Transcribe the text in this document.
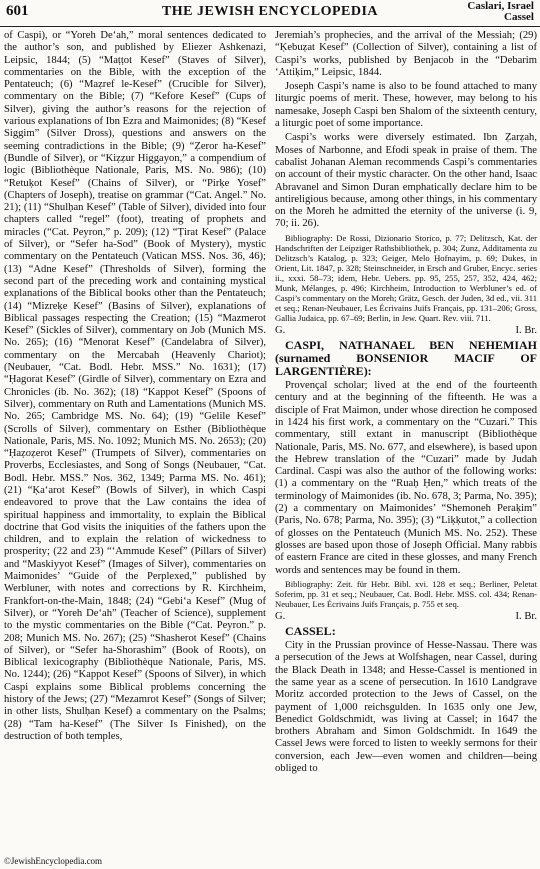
601	THE JEWISH ENCYCLOPEDIA	Caslari, Israel
Cassel

of Caspi), or “Yoreh De‘ah,” moral sentences dedicated to the author’s son, and published by Eliezer Ashkenazi, Leipsic, 1844; (5) “Maṭṭot Kesef” (Staves of Silver), commentaries on the Bible, with the exception of the Pentateuch; (6) “Maẓref le-Kesef” (Crucible for Silver), commentary on the Bible; (7) “Kefore Kesef” (Cups of Silver), giving the author’s reasons for the rejection of various explanations of Ibn Ezra and Maimonides; (8) “Kesef Siggim” (Silver Dross), questions and answers on the seeming contradictions in the Bible; (9) “Ẓeror ha-Kesef” (Bundle of Silver), or “Kiẓẓur Higgayon,” a compendium of logic (Bibliothèque Nationale, Paris, MS. No. 986); (10) “Retuḳot Kesef” (Chains of Silver), or “Pirḳe Yosef” (Chapters of Joseph), treatise on grammar (“Cat. Angel.” No. 21); (11) “Shulḥan Kesef” (Table of Silver), divided into four chapters called “regel” (foot), treating of prophets and miracles (“Cat. Peyron,” p. 209); (12) “Ṭirat Kesef” (Palace of Silver), or “Sefer ha-Sod” (Book of Mystery), mystic commentary on the Pentateuch (Vatican MSS. Nos. 36, 46); (13) “Adne Kesef” (Thresholds of Silver), forming the second part of the preceding work and containing mystical explanations of the Biblical books other than the Pentateuch; (14) “Mizreḳe Kesef” (Basins of Silver), explanations of Biblical passages respecting the Creation; (15) “Mazmerot Kesef” (Sickles of Silver), commentary on Job (Munich MS. No. 265); (16) “Menorat Kesef” (Candelabra of Silver), commentary on the Mercabah (Heavenly Chariot); (Neubauer, “Cat. Bodl. Hebr. MSS.” No. 1631); (17) “Ḥagorat Kesef” (Girdle of Silver), commentary on Ezra and Chronicles (ib. No. 362); (18) “Kappot Kesef” (Spoons of Silver), commentary on Ruth and Lamentations (Munich MS. No. 265; Cambridge MS. No. 64); (19) “Gelile Kesef” (Scrolls of Silver), commentary on Esther (Bibliothèque Nationale, Paris, MS. No. 1092; Munich MS. No. 2653); (20) “Ḥaẓoẓerot Kesef” (Trumpets of Silver), commentaries on Proverbs, Ecclesiastes, and Song of Songs (Neubauer, “Cat. Bodl. Hebr. MSS.” Nos. 362, 1349; Parma MS. No. 461); (21) “Ḳa‘arot Kesef” (Bowls of Silver), in which Caspi endeavored to prove that the Law contains the idea of spiritual happiness and immortality, to explain the Biblical doctrine that God visits the iniquities of the fathers upon the children, and to explain the relation of wickedness to prosperity; (22 and 23) “‘Ammude Kesef” (Pillars of Silver) and “Maskiyyot Kesef” (Images of Silver), commentaries on Maimonides’ “Guide of the Perplexed,” published by Werbluner, with notes and corrections by R. Kirchheim, Frankfort-on-the-Main, 1848; (24) “Gebi‘a Kesef” (Mug of Silver), or “Yoreh De‘ah” (Teacher of Science), supplement to the mystic commentaries on the Bible (“Cat. Peyron.” p. 208; Munich MS. No. 267); (25) “Shasherot Kesef” (Chains of Silver), or “Sefer ha-Shorashim” (Book of Roots), on Biblical lexicography (Bibliothèque Nationale, Paris, MS. No. 1244); (26) “Kappot Kesef” (Spoons of Silver), in which Caspi explains some Biblical problems concerning the history of the Jews; (27) “Mezamrot Kesef” (Songs of Silver; in other lists, Shulḥan Kesef) a commentary on the Psalms; (28) “Tam ha-Kesef” (The Silver Is Finished), on the destruction of both temples,

Jeremiah’s prophecies, and the arrival of the Messiah; (29) “Ḳebuẓat Kesef” (Collection of Silver), containing a list of Caspi’s works, published by Benjacob in the “Debarim ‘Attiḳim,” Leipsic, 1844.

Joseph Caspi’s name is also to be found attached to many liturgic poems of merit. These, however, may belong to his namesake, Joseph Caspi ben Shalom of the sixteenth century, a liturgic poet of some importance.

Caspi’s works were diversely estimated. Ibn Ẓarẓah, Moses of Narbonne, and Efodi speak in praise of them. The cabalist Johanan Aleman recommends Caspi’s commentaries on account of their mystic character. On the other hand, Isaac Abravanel and Simon Duran emphatically declare him to be antireligious because, among other things, in his commentary on the Moreh he admitted the eternity of the universe (i. 9, 70; ii. 26).

Bibliography: De Rossi, Dizionario Storico, p. 77; Delitzsch, Kat. der Handschriften der Leipziger Rathsbibliothek, p. 304; Zunz, Additamenta zu Delitzsch’s Katalog, p. 323; Geiger, Melo Ḥofnayim, p. 69; Dukes, in Orient, Lit. 1847, p. 328; Steinschneider, in Ersch and Gruber, Encyc. series ii., xxxi. 58–73; idem, Hebr. Uebers. pp. 95, 255, 257, 352, 424, 462; Munk, Mélanges, p. 496; Kirchheim, Introduction to Werbluner’s ed. of Caspi’s commentary on the Moreh; Grätz, Gesch. der Juden, 3d ed., vii. 311 et seq.; Renan-Neubauer, Les Écrivains Juifs Français, pp. 131–206; Gross, Gallia Judaica, pp. 67–69; Berlin, in Jew. Quart. Rev. viii. 711.

G.	I. Br.

CASPI, NATHANAEL BEN NEHEMIAH (surnamed BONSENIOR MACIF OF LARGENTIÈRE):

Provençal scholar; lived at the end of the fourteenth century and at the beginning of the fifteenth. He was a disciple of Frat Maimon, under whose direction he composed in 1424 his first work, a commentary on the “Cuzari.” This commentary, still extant in manuscript (Bibliothèque Nationale, Paris, MS. No. 677, and elsewhere), is based upon the Hebrew translation of the “Cuzari” made by Judah Cardinal. Caspi was also the author of the following works: (1) a commentary on the “Ruaḥ Ḥen,” which treats of the terminology of Maimonides (ib. No. 678, 3; Parma, No. 395); (2) a commentary on Maimonides’ “Shemoneh Peraḳim” (Paris, No. 678; Parma, No. 395); (3) “Liḳḳutot,” a collection of glosses on the Pentateuch (Munich MS. No. 252). These glosses are based upon those of Joseph Official. Many rabbis of eastern France are cited in these glosses, and many French words and sentences may be found in them.

Bibliography: Zeit. für Hebr. Bibl. xvi. 128 et seq.; Berliner, Peletat Soferim, pp. 31 et seq.; Neubauer, Cat. Bodl. Hebr. MSS. col. 434; Renan-Neubauer, Les Écrivains Juifs Français, p. 755 et seq.

G.	I. Br.

CASSEL:

City in the Prussian province of Hesse-Nassau. There was a persecution of the Jews at Wolfshagen, near Cassel, during the Black Death in 1348; and Hesse-Cassel is mentioned in the same year as a scene of persecution. In 1610 Landgrave Moritz accorded protection to the Jews of Cassel, on the payment of 1,000 reichsgulden. In 1635 only one Jew, Benedict Goldschmidt, was living at Cassel; in 1647 the brothers Abraham and Simon Goldschmidt. In 1649 the Cassel Jews were forced to listen to weekly sermons for their conversion, each Jew—even women and children—being obliged to

©JewishEncyclopedia.com
